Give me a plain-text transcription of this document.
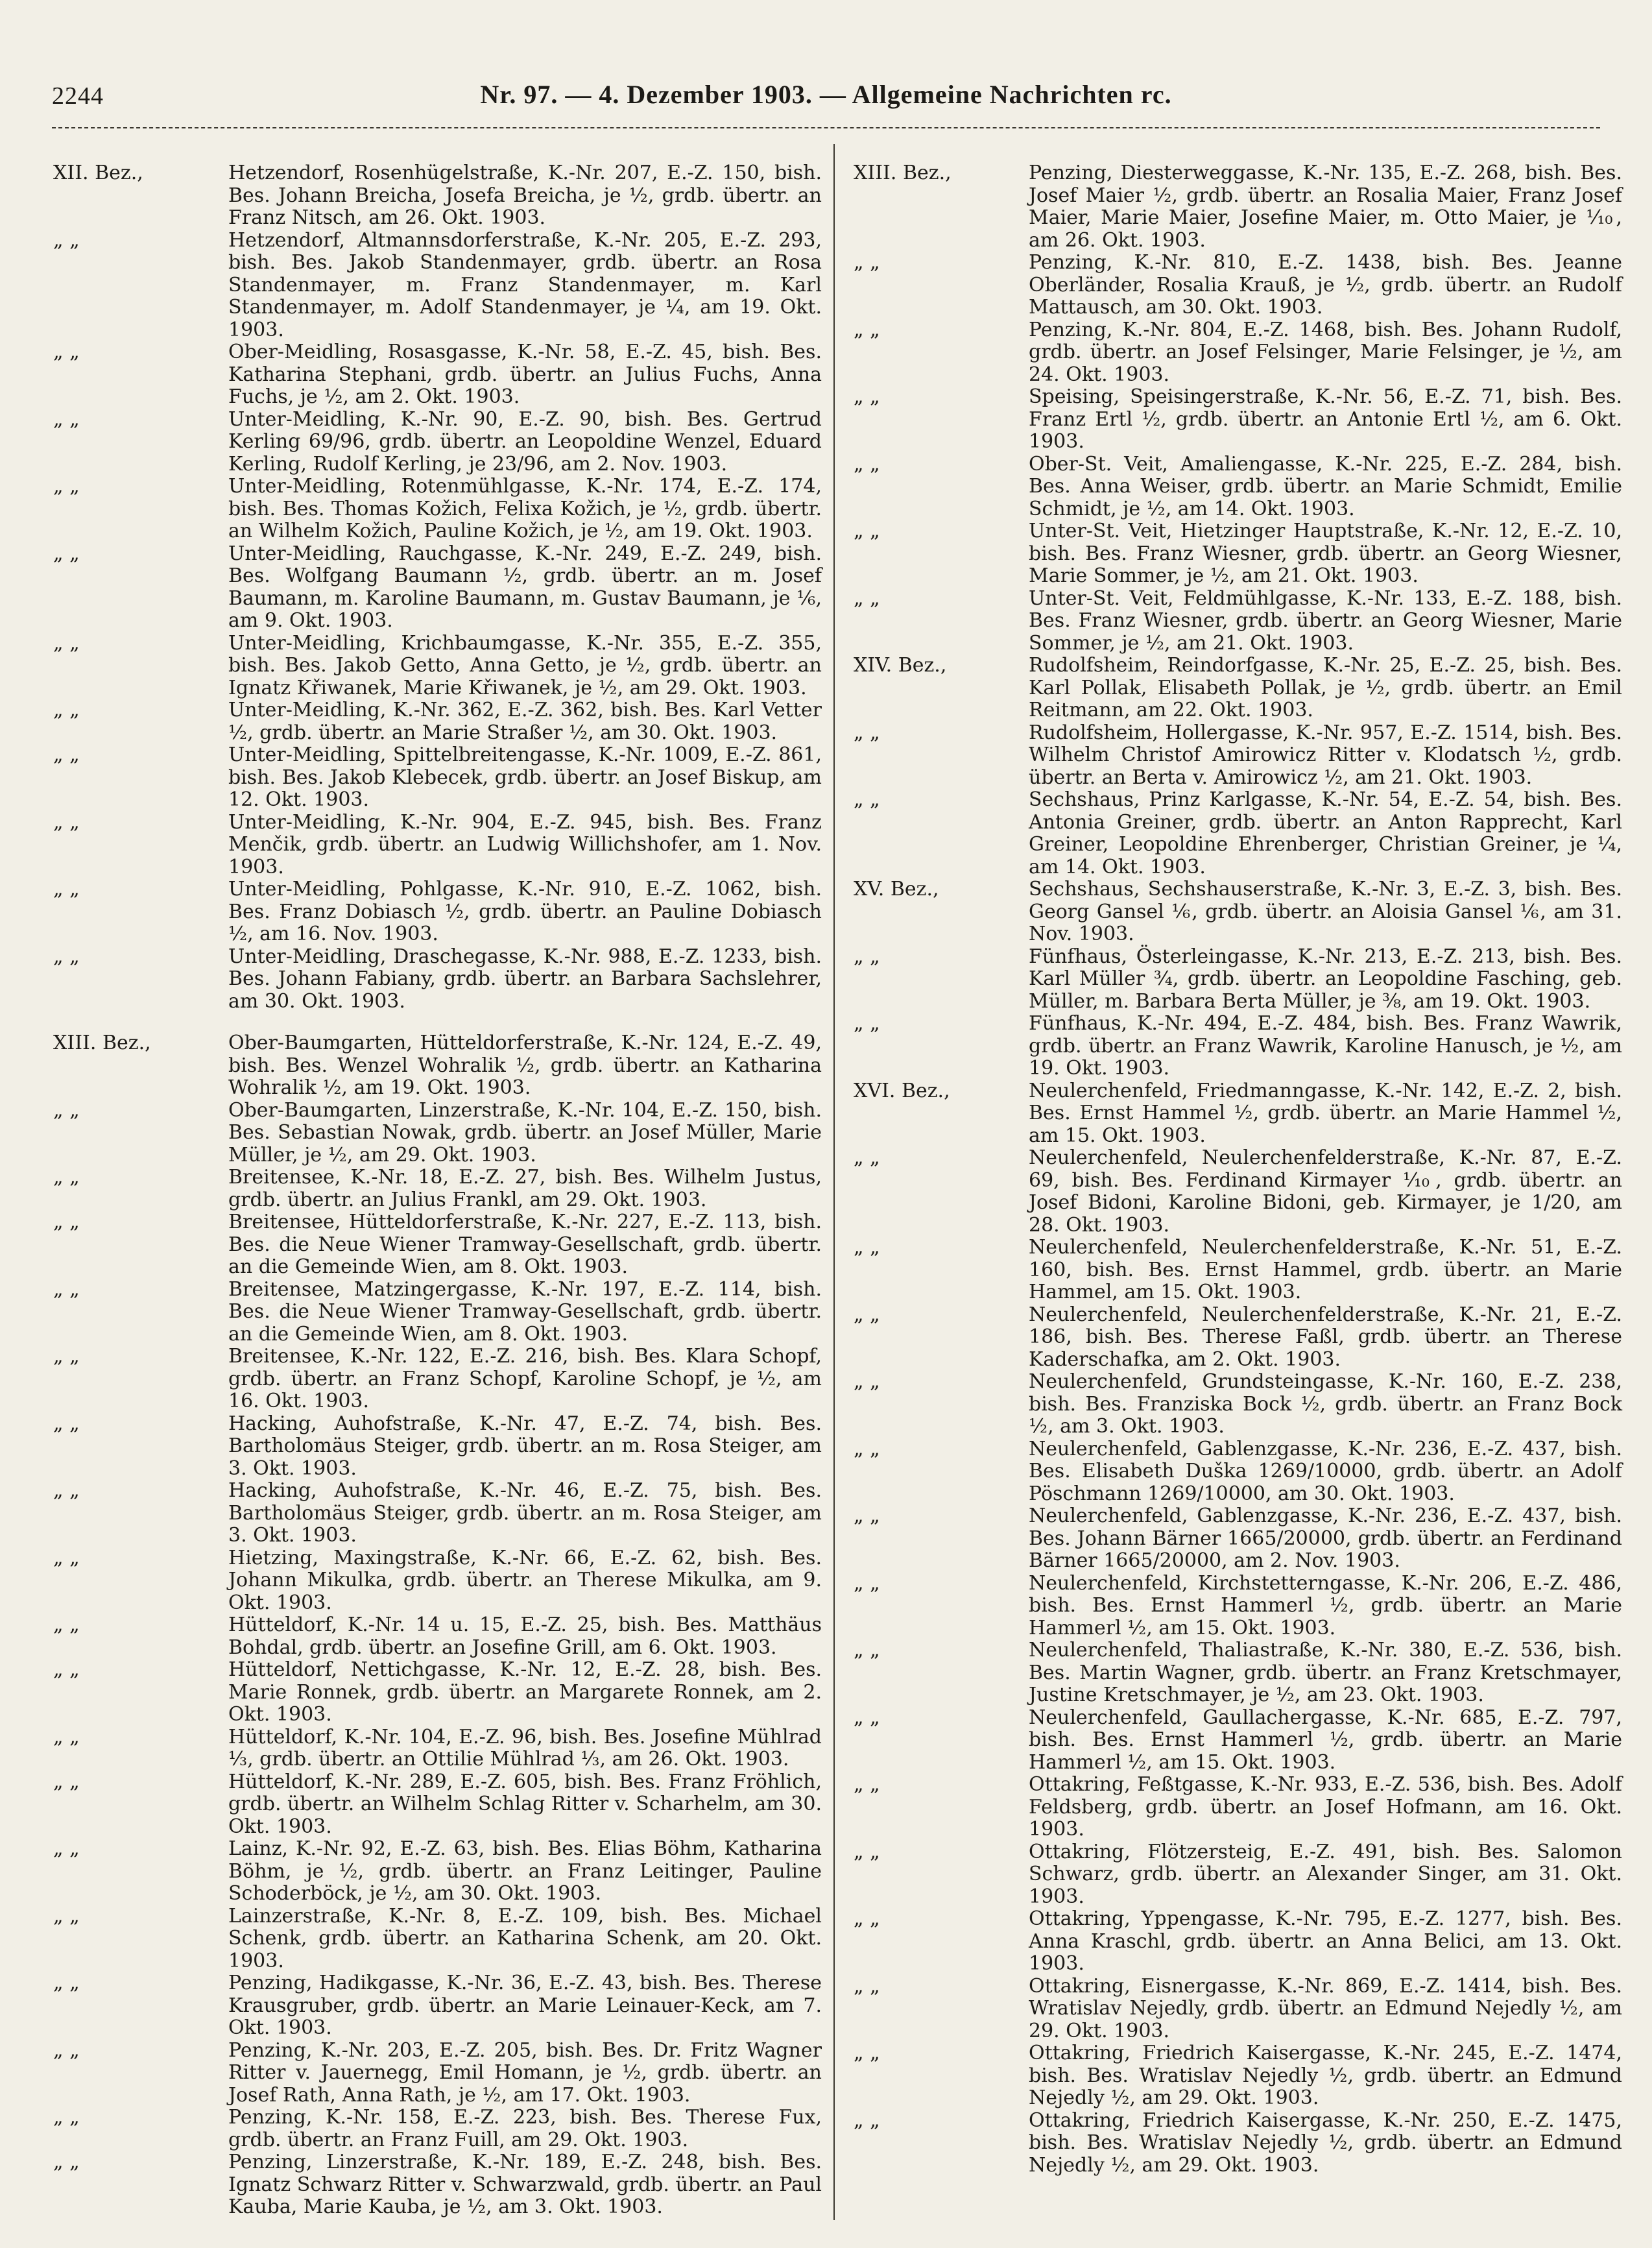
2244	Nr. 97. — 4. Dezember 1903. — Allgemeine Nachrichten rc.
XII. Bez.,	Hetzendorf, Rosenhügelstraße, K.-Nr. 207, E.-Z. 150, bish. Bes. Johann Breicha, Josefa Breicha, je ½, grdb. übertr. an Franz Nitsch, am 26. Okt. 1903.
„ „	Hetzendorf, Altmannsdorferstraße, K.-Nr. 205, E.-Z. 293, bish. Bes. Jakob Standenmayer, grdb. übertr. an Rosa Standenmayer, m. Franz Standenmayer, m. Karl Standenmayer, m. Adolf Standenmayer, je ¼, am 19. Okt. 1903.
„ „	Ober-Meidling, Rosasgasse, K.-Nr. 58, E.-Z. 45, bish. Bes. Katharina Stephani, grdb. übertr. an Julius Fuchs, Anna Fuchs, je ½, am 2. Okt. 1903.
„ „	Unter-Meidling, K.-Nr. 90, E.-Z. 90, bish. Bes. Gertrud Kerling 69/96, grdb. übertr. an Leopoldine Wenzel, Eduard Kerling, Rudolf Kerling, je 23/96, am 2. Nov. 1903.
„ „	Unter-Meidling, Rotenmühlgasse, K.-Nr. 174, E.-Z. 174, bish. Bes. Thomas Kožich, Felixa Kožich, je ½, grdb. übertr. an Wilhelm Kožich, Pauline Kožich, je ½, am 19. Okt. 1903.
„ „	Unter-Meidling, Rauchgasse, K.-Nr. 249, E.-Z. 249, bish. Bes. Wolfgang Baumann ½, grdb. übertr. an m. Josef Baumann, m. Karoline Baumann, m. Gustav Baumann, je ⅙, am 9. Okt. 1903.
„ „	Unter-Meidling, Krichbaumgasse, K.-Nr. 355, E.-Z. 355, bish. Bes. Jakob Getto, Anna Getto, je ½, grdb. übertr. an Ignatz Křiwanek, Marie Křiwanek, je ½, am 29. Okt. 1903.
„ „	Unter-Meidling, K.-Nr. 362, E.-Z. 362, bish. Bes. Karl Vetter ½, grdb. übertr. an Marie Straßer ½, am 30. Okt. 1903.
„ „	Unter-Meidling, Spittelbreitengasse, K.-Nr. 1009, E.-Z. 861, bish. Bes. Jakob Klebecek, grdb. übertr. an Josef Biskup, am 12. Okt. 1903.
„ „	Unter-Meidling, K.-Nr. 904, E.-Z. 945, bish. Bes. Franz Menčik, grdb. übertr. an Ludwig Willichshofer, am 1. Nov. 1903.
„ „	Unter-Meidling, Pohlgasse, K.-Nr. 910, E.-Z. 1062, bish. Bes. Franz Dobiasch ½, grdb. übertr. an Pauline Dobiasch ½, am 16. Nov. 1903.
„ „	Unter-Meidling, Draschegasse, K.-Nr. 988, E.-Z. 1233, bish. Bes. Johann Fabiany, grdb. übertr. an Barbara Sachslehrer, am 30. Okt. 1903.
XIII. Bez.,	Ober-Baumgarten, Hütteldorferstraße, K.-Nr. 124, E.-Z. 49, bish. Bes. Wenzel Wohralik ½, grdb. übertr. an Katharina Wohralik ½, am 19. Okt. 1903.
„ „	Ober-Baumgarten, Linzerstraße, K.-Nr. 104, E.-Z. 150, bish. Bes. Sebastian Nowak, grdb. übertr. an Josef Müller, Marie Müller, je ½, am 29. Okt. 1903.
„ „	Breitensee, K.-Nr. 18, E.-Z. 27, bish. Bes. Wilhelm Justus, grdb. übertr. an Julius Frankl, am 29. Okt. 1903.
„ „	Breitensee, Hütteldorferstraße, K.-Nr. 227, E.-Z. 113, bish. Bes. die Neue Wiener Tramway-Gesellschaft, grdb. übertr. an die Gemeinde Wien, am 8. Okt. 1903.
„ „	Breitensee, Matzingergasse, K.-Nr. 197, E.-Z. 114, bish. Bes. die Neue Wiener Tramway-Gesellschaft, grdb. übertr. an die Gemeinde Wien, am 8. Okt. 1903.
„ „	Breitensee, K.-Nr. 122, E.-Z. 216, bish. Bes. Klara Schopf, grdb. übertr. an Franz Schopf, Karoline Schopf, je ½, am 16. Okt. 1903.
„ „	Hacking, Auhofstraße, K.-Nr. 47, E.-Z. 74, bish. Bes. Bartholomäus Steiger, grdb. übertr. an m. Rosa Steiger, am 3. Okt. 1903.
„ „	Hacking, Auhofstraße, K.-Nr. 46, E.-Z. 75, bish. Bes. Bartholomäus Steiger, grdb. übertr. an m. Rosa Steiger, am 3. Okt. 1903.
„ „	Hietzing, Maxingstraße, K.-Nr. 66, E.-Z. 62, bish. Bes. Johann Mikulka, grdb. übertr. an Therese Mikulka, am 9. Okt. 1903.
„ „	Hütteldorf, K.-Nr. 14 u. 15, E.-Z. 25, bish. Bes. Matthäus Bohdal, grdb. übertr. an Josefine Grill, am 6. Okt. 1903.
„ „	Hütteldorf, Nettichgasse, K.-Nr. 12, E.-Z. 28, bish. Bes. Marie Ronnek, grdb. übertr. an Margarete Ronnek, am 2. Okt. 1903.
„ „	Hütteldorf, K.-Nr. 104, E.-Z. 96, bish. Bes. Josefine Mühlrad ⅓, grdb. übertr. an Ottilie Mühlrad ⅓, am 26. Okt. 1903.
„ „	Hütteldorf, K.-Nr. 289, E.-Z. 605, bish. Bes. Franz Fröhlich, grdb. übertr. an Wilhelm Schlag Ritter v. Scharhelm, am 30. Okt. 1903.
„ „	Lainz, K.-Nr. 92, E.-Z. 63, bish. Bes. Elias Böhm, Katharina Böhm, je ½, grdb. übertr. an Franz Leitinger, Pauline Schoderböck, je ½, am 30. Okt. 1903.
„ „	Lainzerstraße, K.-Nr. 8, E.-Z. 109, bish. Bes. Michael Schenk, grdb. übertr. an Katharina Schenk, am 20. Okt. 1903.
„ „	Penzing, Hadikgasse, K.-Nr. 36, E.-Z. 43, bish. Bes. Therese Krausgruber, grdb. übertr. an Marie Leinauer-Keck, am 7. Okt. 1903.
„ „	Penzing, K.-Nr. 203, E.-Z. 205, bish. Bes. Dr. Fritz Wagner Ritter v. Jauernegg, Emil Homann, je ½, grdb. übertr. an Josef Rath, Anna Rath, je ½, am 17. Okt. 1903.
„ „	Penzing, K.-Nr. 158, E.-Z. 223, bish. Bes. Therese Fux, grdb. übertr. an Franz Fuill, am 29. Okt. 1903.
„ „	Penzing, Linzerstraße, K.-Nr. 189, E.-Z. 248, bish. Bes. Ignatz Schwarz Ritter v. Schwarzwald, grdb. übertr. an Paul Kauba, Marie Kauba, je ½, am 3. Okt. 1903.
XIII. Bez.,	Penzing, Diesterweggasse, K.-Nr. 135, E.-Z. 268, bish. Bes. Josef Maier ½, grdb. übertr. an Rosalia Maier, Franz Josef Maier, Marie Maier, Josefine Maier, m. Otto Maier, je ⅒, am 26. Okt. 1903.
„ „	Penzing, K.-Nr. 810, E.-Z. 1438, bish. Bes. Jeanne Oberländer, Rosalia Krauß, je ½, grdb. übertr. an Rudolf Mattausch, am 30. Okt. 1903.
„ „	Penzing, K.-Nr. 804, E.-Z. 1468, bish. Bes. Johann Rudolf, grdb. übertr. an Josef Felsinger, Marie Felsinger, je ½, am 24. Okt. 1903.
„ „	Speising, Speisingerstraße, K.-Nr. 56, E.-Z. 71, bish. Bes. Franz Ertl ½, grdb. übertr. an Antonie Ertl ½, am 6. Okt. 1903.
„ „	Ober-St. Veit, Amaliengasse, K.-Nr. 225, E.-Z. 284, bish. Bes. Anna Weiser, grdb. übertr. an Marie Schmidt, Emilie Schmidt, je ½, am 14. Okt. 1903.
„ „	Unter-St. Veit, Hietzinger Hauptstraße, K.-Nr. 12, E.-Z. 10, bish. Bes. Franz Wiesner, grdb. übertr. an Georg Wiesner, Marie Sommer, je ½, am 21. Okt. 1903.
„ „	Unter-St. Veit, Feldmühlgasse, K.-Nr. 133, E.-Z. 188, bish. Bes. Franz Wiesner, grdb. übertr. an Georg Wiesner, Marie Sommer, je ½, am 21. Okt. 1903.
XIV. Bez.,	Rudolfsheim, Reindorfgasse, K.-Nr. 25, E.-Z. 25, bish. Bes. Karl Pollak, Elisabeth Pollak, je ½, grdb. übertr. an Emil Reitmann, am 22. Okt. 1903.
„ „	Rudolfsheim, Hollergasse, K.-Nr. 957, E.-Z. 1514, bish. Bes. Wilhelm Christof Amirowicz Ritter v. Klodatsch ½, grdb. übertr. an Berta v. Amirowicz ½, am 21. Okt. 1903.
„ „	Sechshaus, Prinz Karlgasse, K.-Nr. 54, E.-Z. 54, bish. Bes. Antonia Greiner, grdb. übertr. an Anton Rapprecht, Karl Greiner, Leopoldine Ehrenberger, Christian Greiner, je ¼, am 14. Okt. 1903.
XV. Bez.,	Sechshaus, Sechshauserstraße, K.-Nr. 3, E.-Z. 3, bish. Bes. Georg Gansel ⅙, grdb. übertr. an Aloisia Gansel ⅙, am 31. Nov. 1903.
„ „	Fünfhaus, Österleingasse, K.-Nr. 213, E.-Z. 213, bish. Bes. Karl Müller ¾, grdb. übertr. an Leopoldine Fasching, geb. Müller, m. Barbara Berta Müller, je ⅜, am 19. Okt. 1903.
„ „	Fünfhaus, K.-Nr. 494, E.-Z. 484, bish. Bes. Franz Wawrik, grdb. übertr. an Franz Wawrik, Karoline Hanusch, je ½, am 19. Okt. 1903.
XVI. Bez.,	Neulerchenfeld, Friedmanngasse, K.-Nr. 142, E.-Z. 2, bish. Bes. Ernst Hammel ½, grdb. übertr. an Marie Hammel ½, am 15. Okt. 1903.
„ „	Neulerchenfeld, Neulerchenfelderstraße, K.-Nr. 87, E.-Z. 69, bish. Bes. Ferdinand Kirmayer ⅒, grdb. übertr. an Josef Bidoni, Karoline Bidoni, geb. Kirmayer, je 1/20, am 28. Okt. 1903.
„ „	Neulerchenfeld, Neulerchenfelderstraße, K.-Nr. 51, E.-Z. 160, bish. Bes. Ernst Hammel, grdb. übertr. an Marie Hammel, am 15. Okt. 1903.
„ „	Neulerchenfeld, Neulerchenfelderstraße, K.-Nr. 21, E.-Z. 186, bish. Bes. Therese Faßl, grdb. übertr. an Therese Kaderschafka, am 2. Okt. 1903.
„ „	Neulerchenfeld, Grundsteingasse, K.-Nr. 160, E.-Z. 238, bish. Bes. Franziska Bock ½, grdb. übertr. an Franz Bock ½, am 3. Okt. 1903.
„ „	Neulerchenfeld, Gablenzgasse, K.-Nr. 236, E.-Z. 437, bish. Bes. Elisabeth Duška 1269/10000, grdb. übertr. an Adolf Pöschmann 1269/10000, am 30. Okt. 1903.
„ „	Neulerchenfeld, Gablenzgasse, K.-Nr. 236, E.-Z. 437, bish. Bes. Johann Bärner 1665/20000, grdb. übertr. an Ferdinand Bärner 1665/20000, am 2. Nov. 1903.
„ „	Neulerchenfeld, Kirchstetterngasse, K.-Nr. 206, E.-Z. 486, bish. Bes. Ernst Hammerl ½, grdb. übertr. an Marie Hammerl ½, am 15. Okt. 1903.
„ „	Neulerchenfeld, Thaliastraße, K.-Nr. 380, E.-Z. 536, bish. Bes. Martin Wagner, grdb. übertr. an Franz Kretschmayer, Justine Kretschmayer, je ½, am 23. Okt. 1903.
„ „	Neulerchenfeld, Gaullachergasse, K.-Nr. 685, E.-Z. 797, bish. Bes. Ernst Hammerl ½, grdb. übertr. an Marie Hammerl ½, am 15. Okt. 1903.
„ „	Ottakring, Feßtgasse, K.-Nr. 933, E.-Z. 536, bish. Bes. Adolf Feldsberg, grdb. übertr. an Josef Hofmann, am 16. Okt. 1903.
„ „	Ottakring, Flötzersteig, E.-Z. 491, bish. Bes. Salomon Schwarz, grdb. übertr. an Alexander Singer, am 31. Okt. 1903.
„ „	Ottakring, Yppengasse, K.-Nr. 795, E.-Z. 1277, bish. Bes. Anna Kraschl, grdb. übertr. an Anna Belici, am 13. Okt. 1903.
„ „	Ottakring, Eisnergasse, K.-Nr. 869, E.-Z. 1414, bish. Bes. Wratislav Nejedly, grdb. übertr. an Edmund Nejedly ½, am 29. Okt. 1903.
„ „	Ottakring, Friedrich Kaisergasse, K.-Nr. 245, E.-Z. 1474, bish. Bes. Wratislav Nejedly ½, grdb. übertr. an Edmund Nejedly ½, am 29. Okt. 1903.
„ „	Ottakring, Friedrich Kaisergasse, K.-Nr. 250, E.-Z. 1475, bish. Bes. Wratislav Nejedly ½, grdb. übertr. an Edmund Nejedly ½, am 29. Okt. 1903.
